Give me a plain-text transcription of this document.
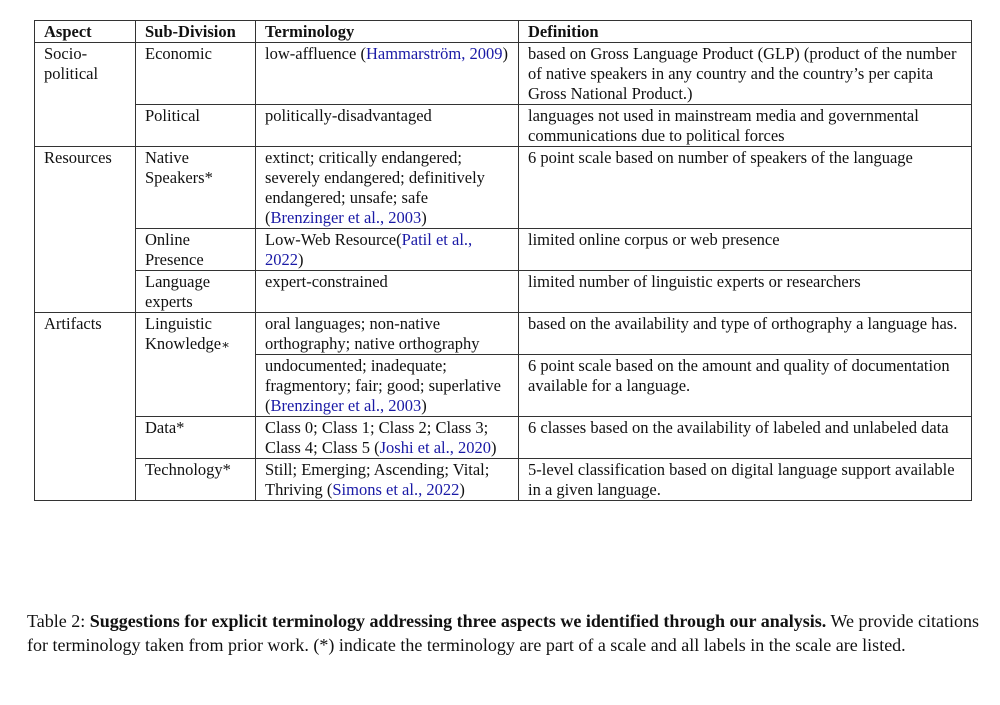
Aspect	Sub-Division	Terminology	Definition
Socio-political	Economic	low-affluence (Hammarström, 2009)	based on Gross Language Product (GLP) (product of the number of native speakers in any country and the country’s per capita Gross National Product.)
	Political	politically-disadvantaged	languages not used in mainstream media and governmental communications due to political forces
Resources	Native Speakers*	extinct; critically endangered; severely endangered; definitively endangered; unsafe; safe (Brenzinger et al., 2003)	6 point scale based on number of speakers of the language
	Online Presence	Low-Web Resource(Patil et al., 2022)	limited online corpus or web presence
	Language experts	expert-constrained	limited number of linguistic experts or researchers
Artifacts	Linguistic Knowledge∗	oral languages; non-native orthography; native orthography	based on the availability and type of orthography a language has.
		undocumented; inadequate; fragmentory; fair; good; superlative (Brenzinger et al., 2003)	6 point scale based on the amount and quality of documentation available for a language.
	Data*	Class 0; Class 1; Class 2; Class 3; Class 4; Class 5 (Joshi et al., 2020)	6 classes based on the availability of labeled and unlabeled data
	Technology*	Still; Emerging; Ascending; Vital; Thriving (Simons et al., 2022)	5-level classification based on digital language support available in a given language.
Table 2: Suggestions for explicit terminology addressing three aspects we identified through our analysis. We provide citations for terminology taken from prior work. (*) indicate the terminology are part of a scale and all labels in the scale are listed.
